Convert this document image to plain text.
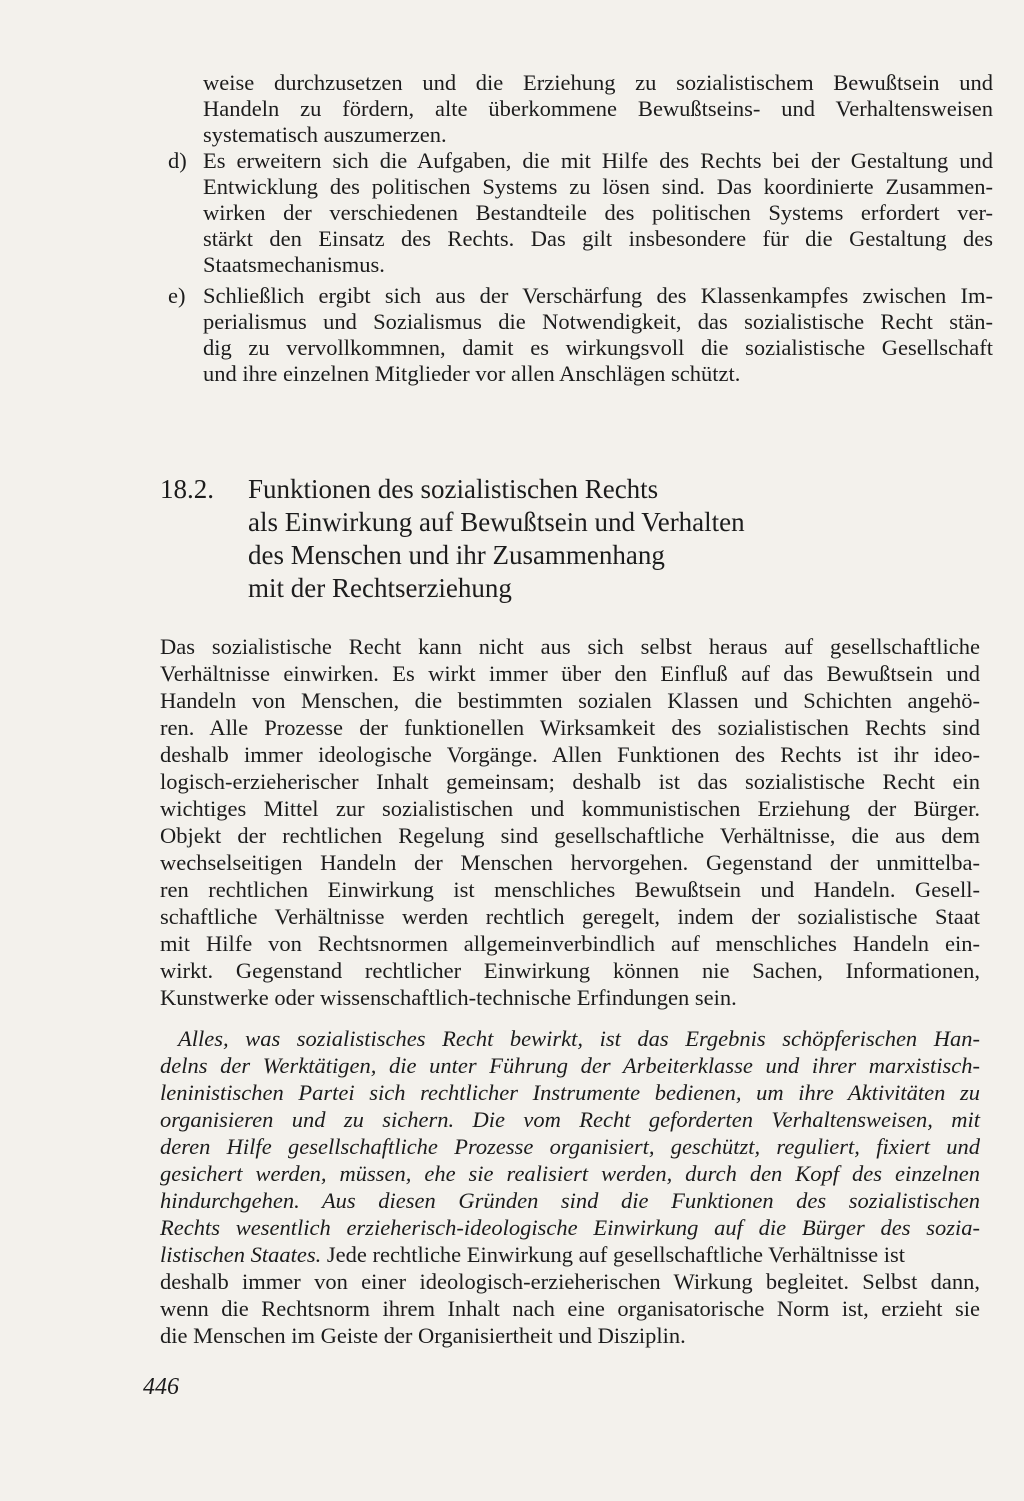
weise durchzusetzen und die Erziehung zu sozialistischem Bewußtsein und
Handeln zu fördern, alte überkommene Bewußtseins- und Verhaltensweisen
systematisch auszumerzen.
d) Es erweitern sich die Aufgaben, die mit Hilfe des Rechts bei der Gestaltung und
Entwicklung des politischen Systems zu lösen sind. Das koordinierte Zusammen-
wirken der verschiedenen Bestandteile des politischen Systems erfordert ver-
stärkt den Einsatz des Rechts. Das gilt insbesondere für die Gestaltung des
Staatsmechanismus.
e) Schließlich ergibt sich aus der Verschärfung des Klassenkampfes zwischen Im-
perialismus und Sozialismus die Notwendigkeit, das sozialistische Recht stän-
dig zu vervollkommnen, damit es wirkungsvoll die sozialistische Gesellschaft
und ihre einzelnen Mitglieder vor allen Anschlägen schützt.
18.2. Funktionen des sozialistischen Rechts
als Einwirkung auf Bewußtsein und Verhalten
des Menschen und ihr Zusammenhang
mit der Rechtserziehung
Das sozialistische Recht kann nicht aus sich selbst heraus auf gesellschaftliche
Verhältnisse einwirken. Es wirkt immer über den Einfluß auf das Bewußtsein und
Handeln von Menschen, die bestimmten sozialen Klassen und Schichten angehö-
ren. Alle Prozesse der funktionellen Wirksamkeit des sozialistischen Rechts sind
deshalb immer ideologische Vorgänge. Allen Funktionen des Rechts ist ihr ideo-
logisch-erzieherischer Inhalt gemeinsam; deshalb ist das sozialistische Recht ein
wichtiges Mittel zur sozialistischen und kommunistischen Erziehung der Bürger.
Objekt der rechtlichen Regelung sind gesellschaftliche Verhältnisse, die aus dem
wechselseitigen Handeln der Menschen hervorgehen. Gegenstand der unmittelba-
ren rechtlichen Einwirkung ist menschliches Bewußtsein und Handeln. Gesell-
schaftliche Verhältnisse werden rechtlich geregelt, indem der sozialistische Staat
mit Hilfe von Rechtsnormen allgemeinverbindlich auf menschliches Handeln ein-
wirkt. Gegenstand rechtlicher Einwirkung können nie Sachen, Informationen,
Kunstwerke oder wissenschaftlich-technische Erfindungen sein.
Alles, was sozialistisches Recht bewirkt, ist das Ergebnis schöpferischen Han-
delns der Werktätigen, die unter Führung der Arbeiterklasse und ihrer marxistisch-
leninistischen Partei sich rechtlicher Instrumente bedienen, um ihre Aktivitäten zu
organisieren und zu sichern. Die vom Recht geforderten Verhaltensweisen, mit
deren Hilfe gesellschaftliche Prozesse organisiert, geschützt, reguliert, fixiert und
gesichert werden, müssen, ehe sie realisiert werden, durch den Kopf des einzelnen
hindurchgehen. Aus diesen Gründen sind die Funktionen des sozialistischen
Rechts wesentlich erzieherisch-ideologische Einwirkung auf die Bürger des sozia-
listischen Staates. Jede rechtliche Einwirkung auf gesellschaftliche Verhältnisse ist
deshalb immer von einer ideologisch-erzieherischen Wirkung begleitet. Selbst dann,
wenn die Rechtsnorm ihrem Inhalt nach eine organisatorische Norm ist, erzieht sie
die Menschen im Geiste der Organisiertheit und Disziplin.
446
